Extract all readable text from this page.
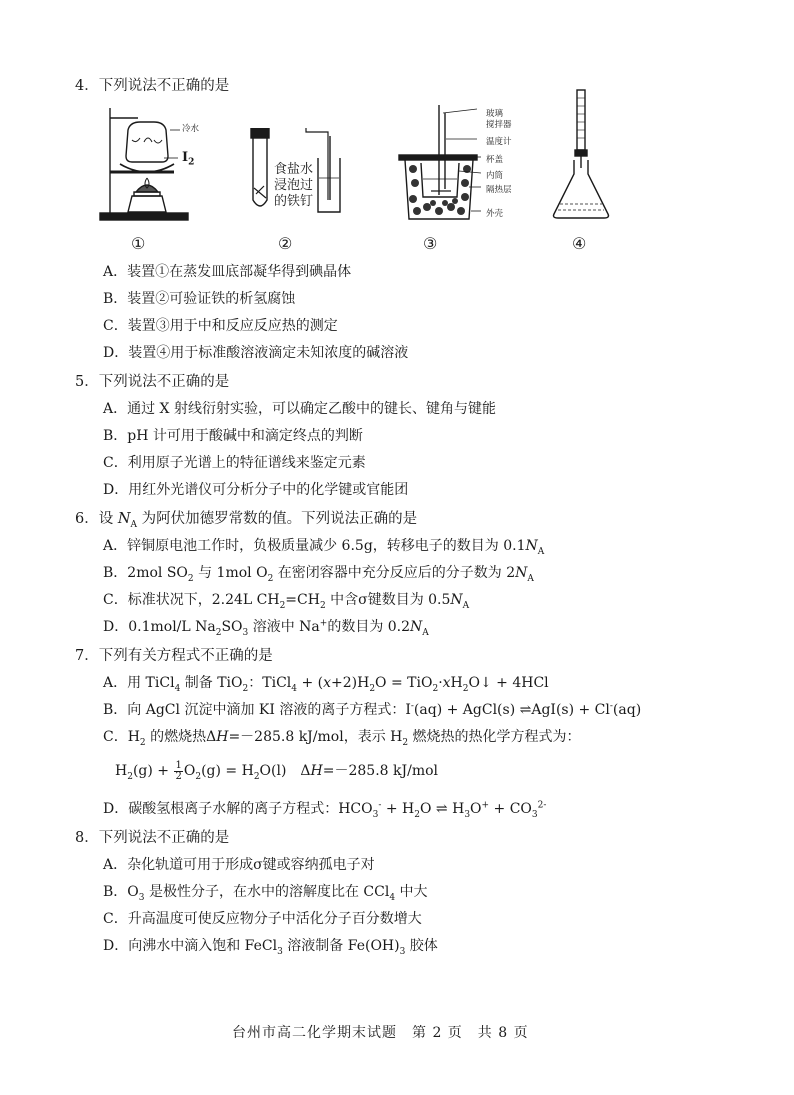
4．下列说法不正确的是
冷水
$I_2$
①
食盐水
浸泡过
的铁钉
②
玻璃
搅拌器
温度计
杯盖
内筒
隔热层
外壳
③	④
A．装置①在蒸发皿底部凝华得到碘晶体
B．装置②可验证铁的析氢腐蚀
C．装置③用于中和反应反应热的测定
D．装置④用于标准酸溶液滴定未知浓度的碱溶液
5．下列说法不正确的是
A．通过 X 射线衍射实验，可以确定乙酸中的键长、键角与键能
B．pH 计可用于酸碱中和滴定终点的判断
C．利用原子光谱上的特征谱线来鉴定元素
D．用红外光谱仪可分析分子中的化学键或官能团
6．设 $N_A$ 为阿伏加德罗常数的值。下列说法正确的是
A．锌铜原电池工作时，负极质量减少 6.5g，转移电子的数目为 $0.1N_A$
B．2mol $SO_2$ 与 1mol $O_2$ 在密闭容器中充分反应后的分子数为 $2N_A$
C．标准状况下，2.24L $CH_2=CH_2$ 中含σ键数目为 $0.5N_A$
D．0.1mol/L $Na_2SO_3$ 溶液中 Na+的数目为 $0.2N_A$
7．下列有关方程式不正确的是
A．用 TiCl$_4$ 制备 TiO$_2$：TiCl$_4$ + $(x+2)H_2O$ = $TiO_2\cdot xH_2O↓ + 4HCl$
B．向 AgCl 沉淀中滴加 KI 溶液的离子方程式：I-(aq) + AgCl(s) ⇌AgI(s) + Cl-(aq)
C．$H_2$ 的燃烧热ΔH=－285.8 kJ/mol，表示 $H_2$ 燃烧热的热化学方程式为：
$H_2(g) + \frac{1}{2} O_2(g) = H_2O(l)$　ΔH=－285.8 kJ/mol
D．碳酸氢根离子水解的离子方程式：$HCO_3^- + H_2O$ ⇌ $H_3O^+ + CO_3^{2-}$
8．下列说法不正确的是
A．杂化轨道可用于形成σ键或容纳孤电子对
B．$O_3$ 是极性分子，在水中的溶解度比在 CCl$_4$ 中大
C．升高温度可使反应物分子中活化分子百分数增大
D．向沸水中滴入饱和 FeCl$_3$ 溶液制备 $Fe(OH)_3$ 胶体
台州市高二化学期末试题　第 2 页　共 8 页
